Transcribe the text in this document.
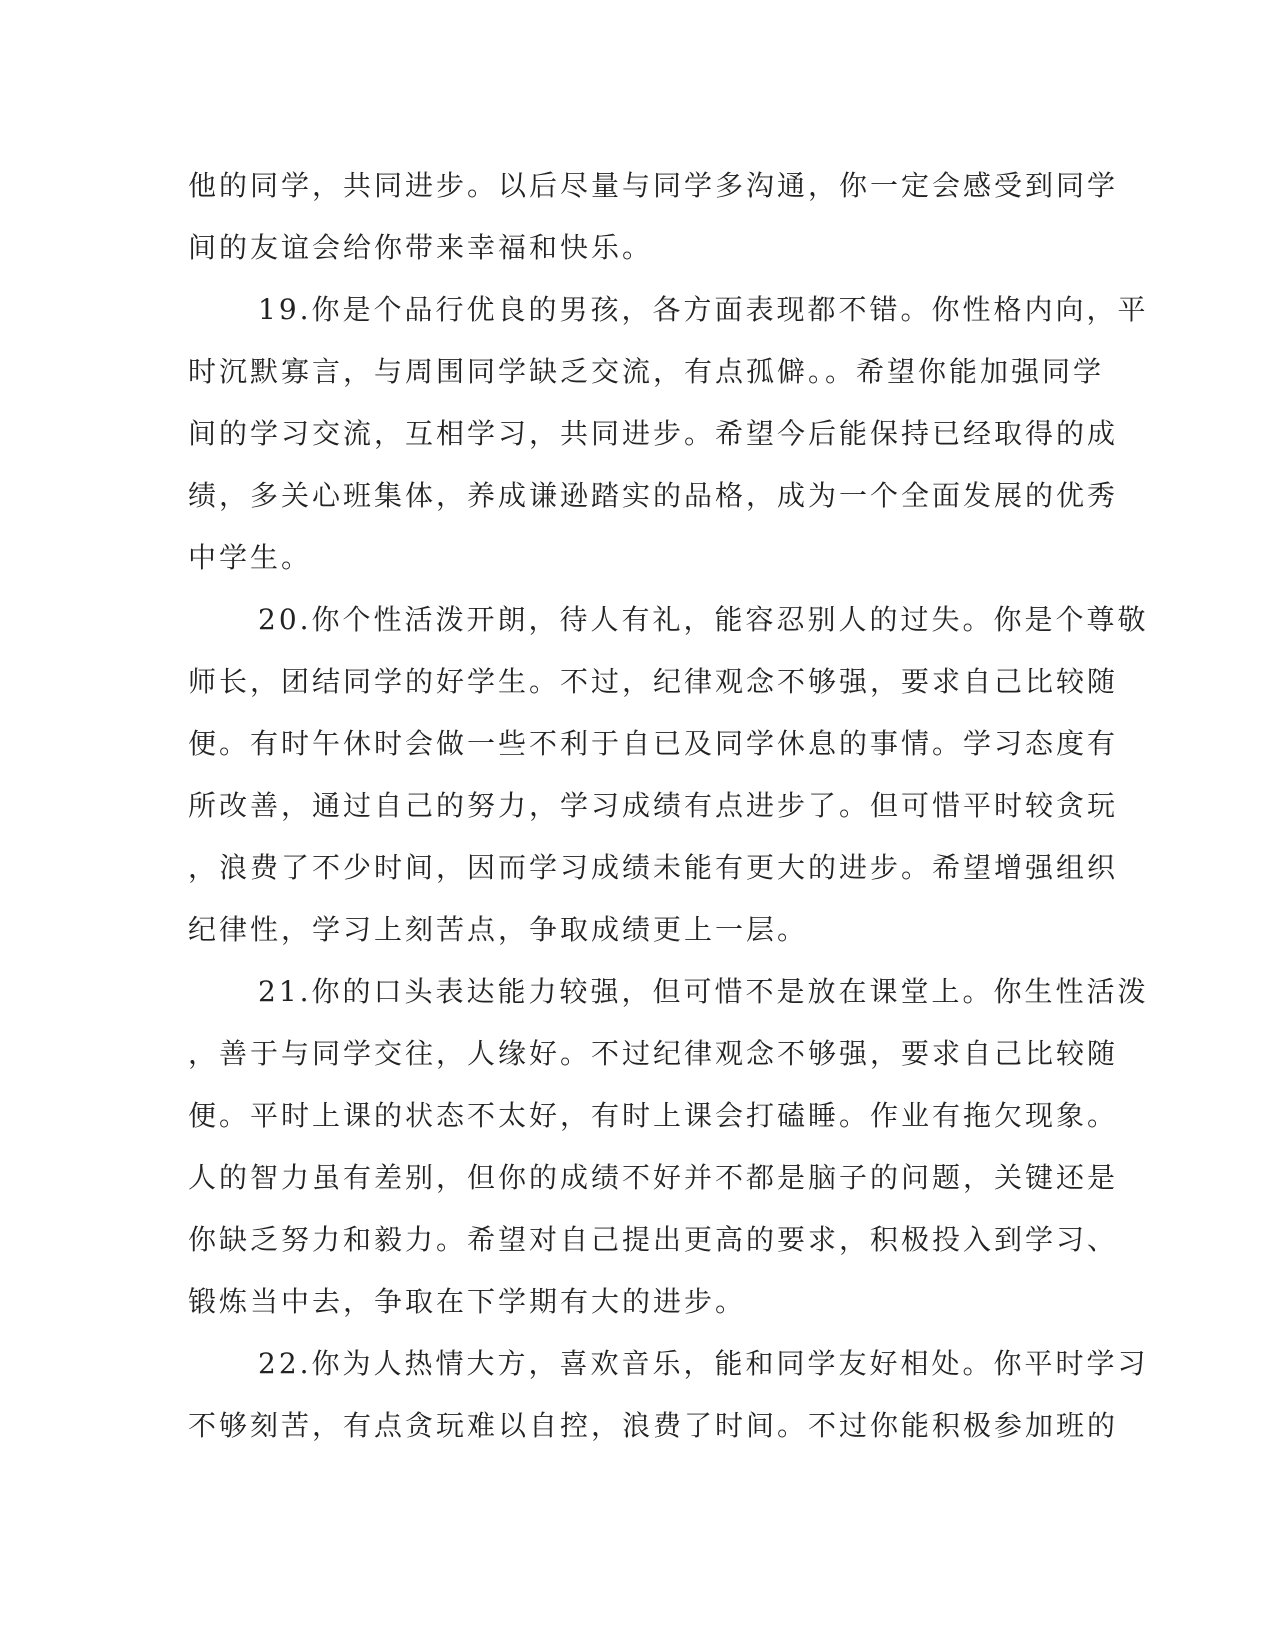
他的同学，共同进步。以后尽量与同学多沟通，你一定会感受到同学
间的友谊会给你带来幸福和快乐。
19.你是个品行优良的男孩，各方面表现都不错。你性格内向，平
时沉默寡言，与周围同学缺乏交流，有点孤僻。。希望你能加强同学
间的学习交流，互相学习，共同进步。希望今后能保持已经取得的成
绩，多关心班集体，养成谦逊踏实的品格，成为一个全面发展的优秀
中学生。
20.你个性活泼开朗，待人有礼，能容忍别人的过失。你是个尊敬
师长，团结同学的好学生。不过，纪律观念不够强，要求自己比较随
便。有时午休时会做一些不利于自已及同学休息的事情。学习态度有
所改善，通过自己的努力，学习成绩有点进步了。但可惜平时较贪玩
，浪费了不少时间，因而学习成绩未能有更大的进步。希望增强组织
纪律性，学习上刻苦点，争取成绩更上一层。
21.你的口头表达能力较强，但可惜不是放在课堂上。你生性活泼
，善于与同学交往，人缘好。不过纪律观念不够强，要求自己比较随
便。平时上课的状态不太好，有时上课会打磕睡。作业有拖欠现象。
人的智力虽有差别，但你的成绩不好并不都是脑子的问题，关键还是
你缺乏努力和毅力。希望对自己提出更高的要求，积极投入到学习、
锻炼当中去，争取在下学期有大的进步。
22.你为人热情大方，喜欢音乐，能和同学友好相处。你平时学习
不够刻苦，有点贪玩难以自控，浪费了时间。不过你能积极参加班的
